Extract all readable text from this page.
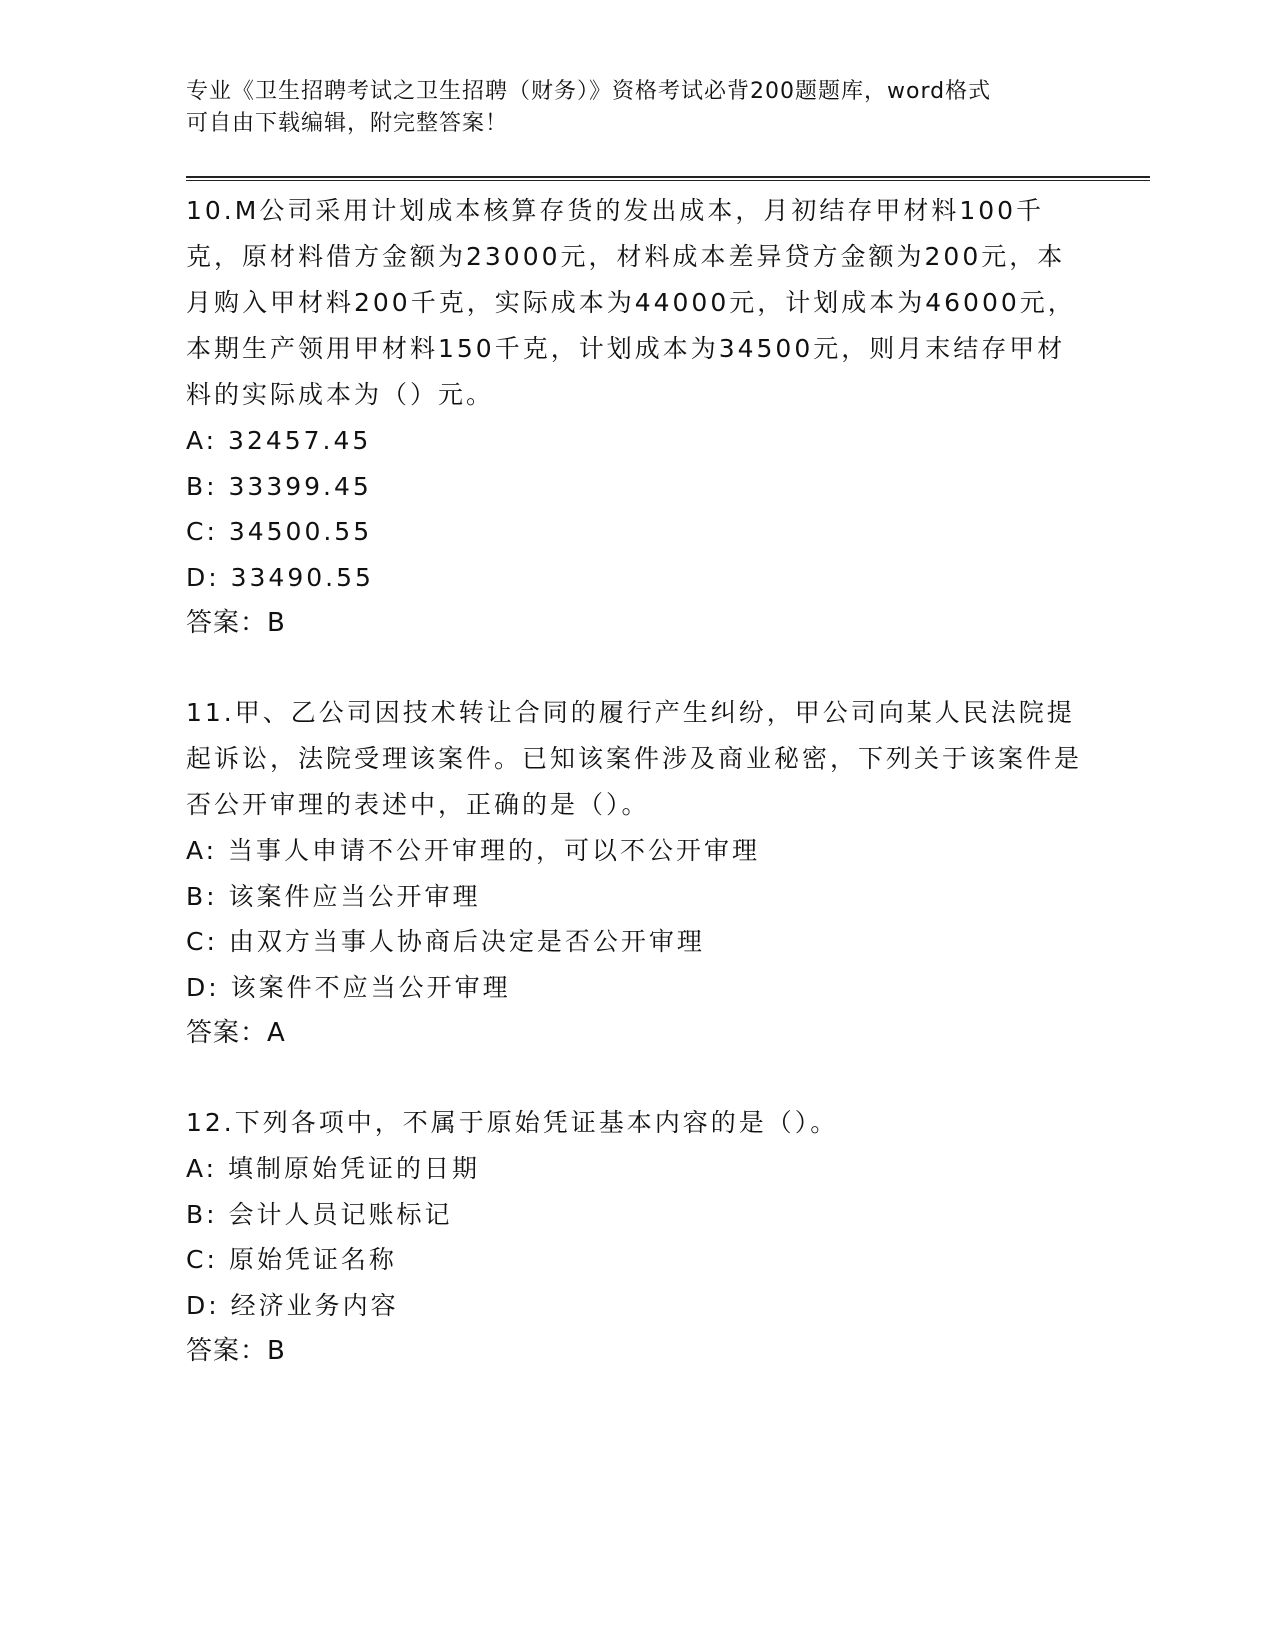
专业《卫生招聘考试之卫生招聘（财务）》资格考试必背200题题库，word格式
可自由下载编辑，附完整答案！
10.M公司采用计划成本核算存货的发出成本，月初结存甲材料100千克，原材料借方金额为23000元，材料成本差异贷方金额为200元，本月购入甲材料200千克，实际成本为44000元，计划成本为46000元，本期生产领用甲材料150千克，计划成本为34500元，则月末结存甲材料的实际成本为（）元。
A: 32457.45
B: 33399.45
C: 34500.55
D: 33490.55
答案：B
11.甲、乙公司因技术转让合同的履行产生纠纷，甲公司向某人民法院提起诉讼，法院受理该案件。已知该案件涉及商业秘密，下列关于该案件是否公开审理的表述中，正确的是（）。
A: 当事人申请不公开审理的，可以不公开审理
B: 该案件应当公开审理
C: 由双方当事人协商后决定是否公开审理
D: 该案件不应当公开审理
答案：A
12.下列各项中，不属于原始凭证基本内容的是（）。
A: 填制原始凭证的日期
B: 会计人员记账标记
C: 原始凭证名称
D: 经济业务内容
答案：B
